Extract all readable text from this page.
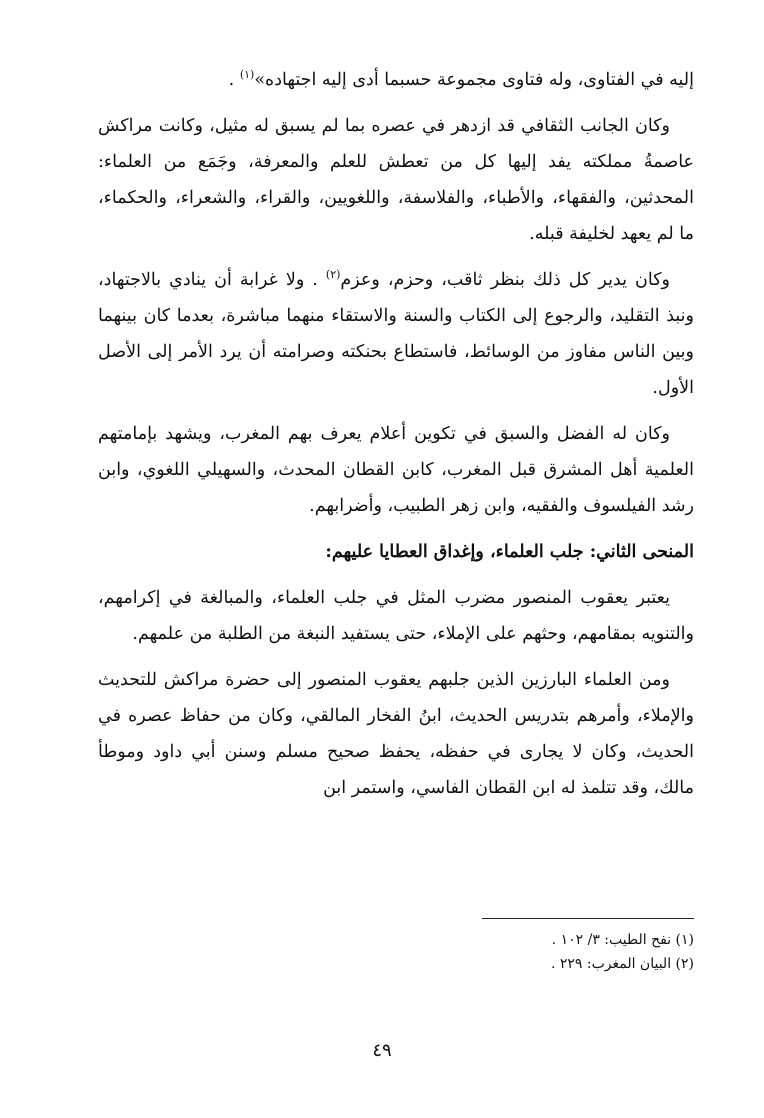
إليه في الفتاوى، وله فتاوى مجموعة حسبما أدى إليه اجتهاده»$^{(١)}$ .

وكان الجانب الثقافي قد ازدهر في عصره بما لم يسبق له مثيل، وكانت مراكش عاصمةُ مملكته يفد إليها كل من تعطش للعلم والمعرفة، وجَمَع من العلماء: المحدثين، والفقهاء، والأطباء، والفلاسفة، واللغويين، والقراء، والشعراء، والحكماء، ما لم يعهد لخليفة قبله.

وكان يدير كل ذلك بنظر ثاقب، وحزم، وعزم$^{(٢)}$ . ولا غرابة أن ينادي بالاجتهاد، ونبذ التقليد، والرجوع إلى الكتاب والسنة والاستقاء منهما مباشرة، بعدما كان بينهما وبين الناس مفاوز من الوسائط، فاستطاع بحنكته وصرامته أن يرد الأمر إلى الأصل الأول.

وكان له الفضل والسبق في تكوين أعلام يعرف بهم المغرب، ويشهد بإمامتهم العلمية أهل المشرق قبل المغرب، كابن القطان المحدث، والسهيلي اللغوي، وابن رشد الفيلسوف والفقيه، وابن زهر الطبيب، وأضرابهم.

المنحى الثاني: جلب العلماء، وإغداق العطايا عليهم:

يعتبر يعقوب المنصور مضرب المثل في جلب العلماء، والمبالغة في إكرامهم، والتنويه بمقامهم، وحثهم على الإملاء، حتى يستفيد النبغة من الطلبة من علمهم.

ومن العلماء البارزين الذين جلبهم يعقوب المنصور إلى حضرة مراكش للتحديث والإملاء، وأمرهم بتدريس الحديث، ابنُ الفخار المالقي، وكان من حفاظ عصره في الحديث، وكان لا يجارى في حفظه، يحفظ صحيح مسلم وسنن أبي داود وموطأ مالك، وقد تتلمذ له ابن القطان الفاسي، واستمر ابن

(١) نفح الطيب: ٣/ ١٠٢ .
(٢) البيان المغرب: ٢٢٩ .
٤٩
